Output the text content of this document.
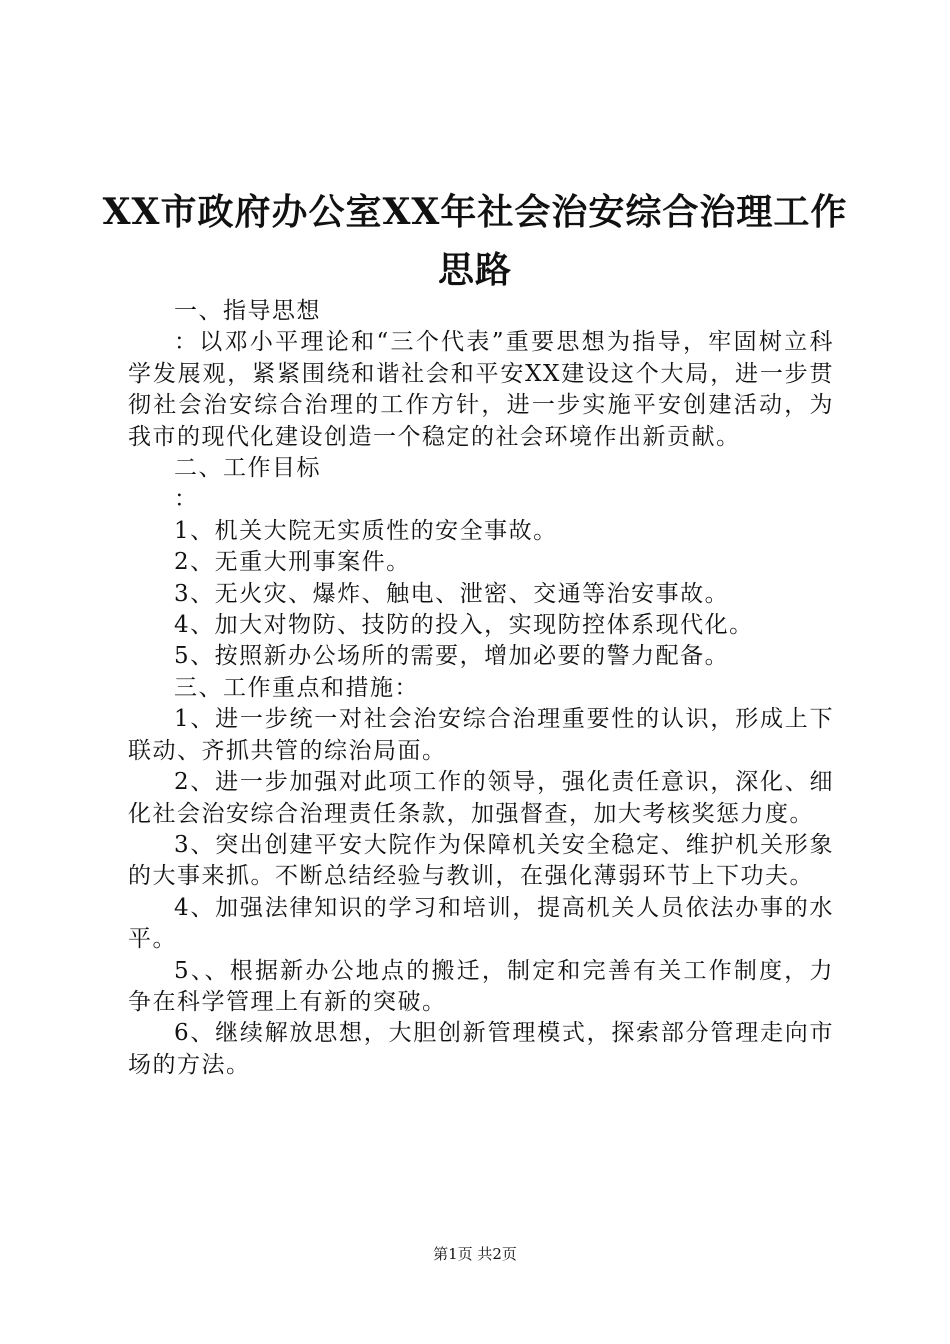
XX市政府办公室XX年社会治安综合治理工作
思路

一、指导思想

：以邓小平理论和“三个代表”重要思想为指导，牢固树立科学发展观，紧紧围绕和谐社会和平安XX建设这个大局，进一步贯彻社会治安综合治理的工作方针，进一步实施平安创建活动，为我市的现代化建设创造一个稳定的社会环境作出新贡献。

二、工作目标

：

1、机关大院无实质性的安全事故。

2、无重大刑事案件。

3、无火灾、爆炸、触电、泄密、交通等治安事故。

4、加大对物防、技防的投入，实现防控体系现代化。

5、按照新办公场所的需要，增加必要的警力配备。

三、工作重点和措施：

1、进一步统一对社会治安综合治理重要性的认识，形成上下联动、齐抓共管的综治局面。

2、进一步加强对此项工作的领导，强化责任意识，深化、细化社会治安综合治理责任条款，加强督查，加大考核奖惩力度。

3、突出创建平安大院作为保障机关安全稳定、维护机关形象的大事来抓。不断总结经验与教训，在强化薄弱环节上下功夫。

4、加强法律知识的学习和培训，提高机关人员依法办事的水平。

5、、根据新办公地点的搬迁，制定和完善有关工作制度，力争在科学管理上有新的突破。

6、继续解放思想，大胆创新管理模式，探索部分管理走向市场的方法。

第1页 共2页
